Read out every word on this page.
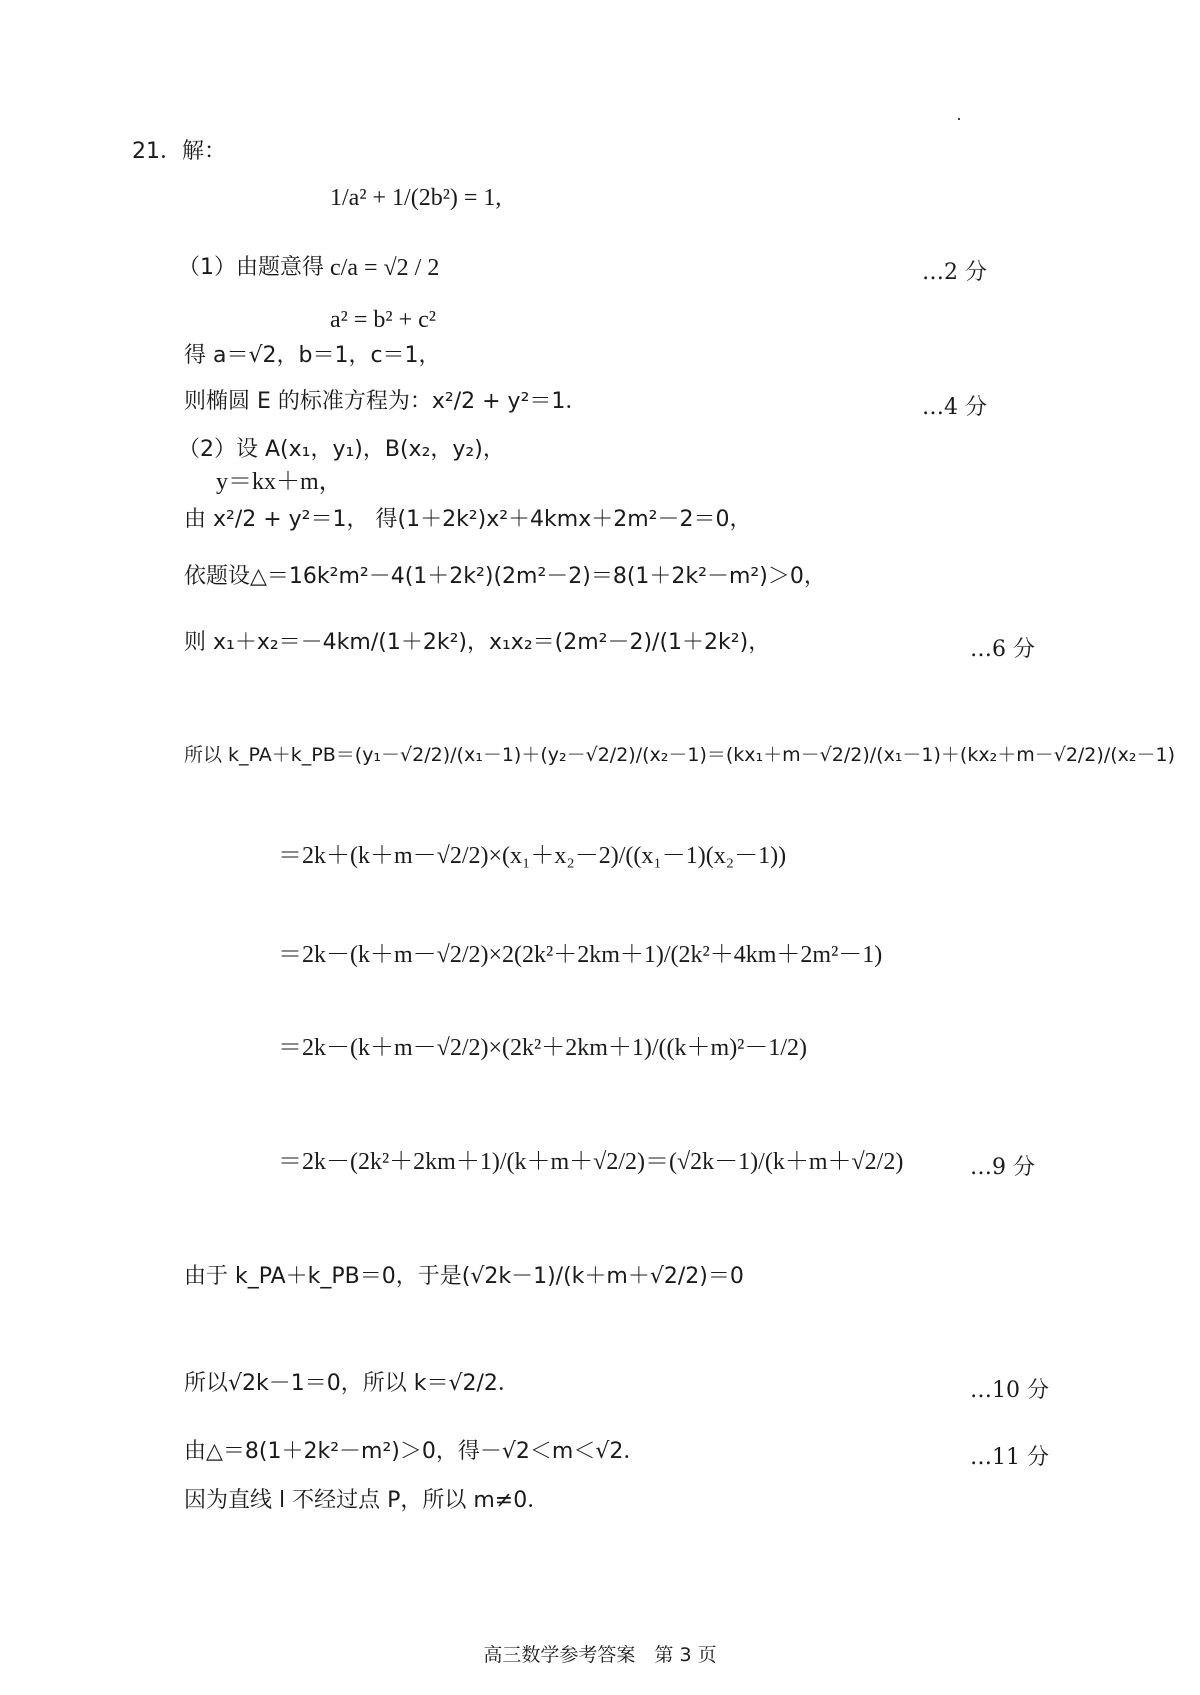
21．解：
1/a² + 1/(2b²) = 1,
（1）由题意得 c/a = √2 / 2
a² = b² + c²
得 a＝√2，b＝1，c＝1，
则椭圆 E 的标准方程为：x²/2 + y²＝1．
（2）设 A(x₁，y₁)，B(x₂，y₂)，
y＝kx＋m，
由 x²/2 + y²＝1， 得(1＋2k²)x²＋4kmx＋2m²－2＝0，
依题设△＝16k²m²－4(1＋2k²)(2m²－2)＝8(1＋2k²－m²)＞0，
则 x₁＋x₂＝－4km/(1＋2k²)，x₁x₂＝(2m²－2)/(1＋2k²)，
所以 k_PA＋k_PB＝(y₁－√2/2)/(x₁－1)＋(y₂－√2/2)/(x₂－1)＝(kx₁＋m－√2/2)/(x₁－1)＋(kx₂＋m－√2/2)/(x₂－1)
＝2k＋(k＋m－√2/2)×(x₁＋x₂－2)/((x₁－1)(x₂－1))
＝2k－(k＋m－√2/2)×2(2k²＋2km＋1)/(2k²＋4km＋2m²－1)
＝2k－(k＋m－√2/2)×(2k²＋2km＋1)/((k＋m)²－1/2)
＝2k－(2k²＋2km＋1)/(k＋m＋√2/2)＝(√2k－1)/(k＋m＋√2/2)
由于 k_PA＋k_PB＝0，于是(√2k－1)/(k＋m＋√2/2)＝0
所以√2k－1＝0，所以 k＝√2/2．
由△＝8(1＋2k²－m²)＞0，得－√2＜m＜√2．
因为直线 l 不经过点 P，所以 m≠0．
…2 分
…4 分
…6 分
…9 分
…10 分
…11 分
高三数学参考答案　第 3 页
